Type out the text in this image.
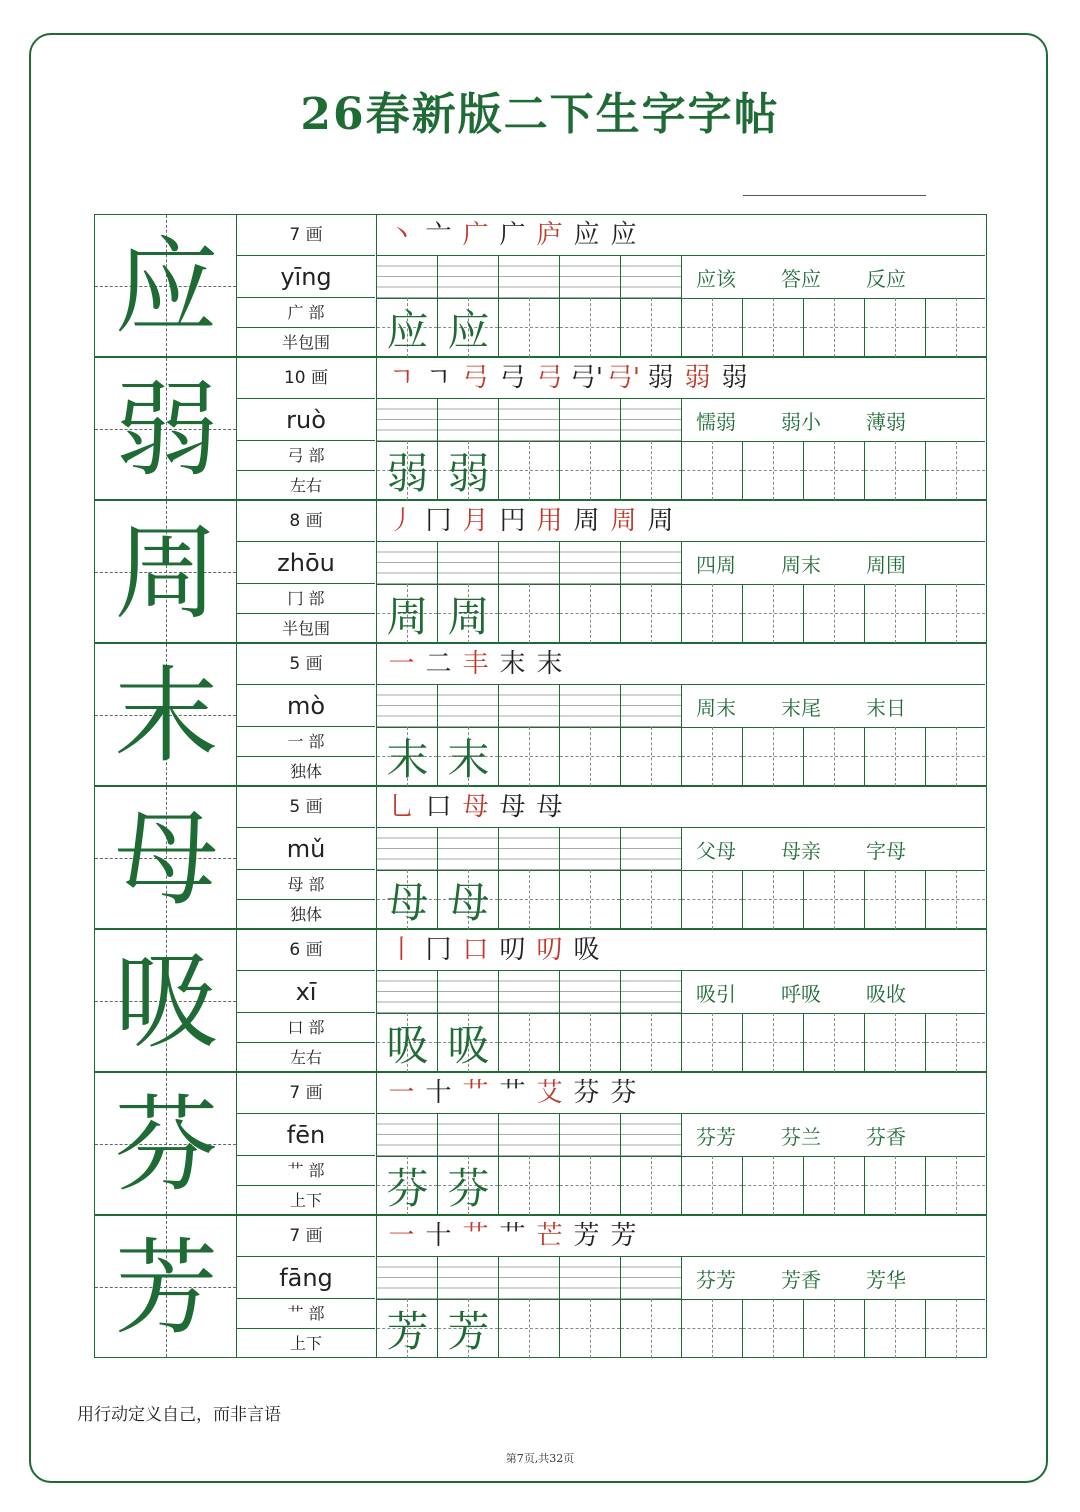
26春新版二下生字字帖
应	7 画
yīng
广 部
半包围
丶 亠 广 广 庐 应 应
应该	答应	反应
应 应
弱	10 画
ruò
弓 部
左右
ㄱ ㄱ 弓 弓 弓 弓' 弓' 弱 弱 弱
懦弱	弱小	薄弱
弱 弱
周	8 画
zhōu
冂 部
半包围
丿 冂 月 円 用 周 周 周
四周	周末	周围
周 周
末	5 画
mò
一 部
独体
一 二 丰 末 末
周末	末尾	末日
末 末
母	5 画
mǔ
母 部
独体
乚 口 母 母 母
父母	母亲	字母
母 母
吸	6 画
xī
口 部
左右
丨 冂 口 叨 叨 吸
吸引	呼吸	吸收
吸 吸
芬	7 画
fēn
艹 部
上下
一 十 艹 艹 艾 芬 芬
芬芳	芬兰	芬香
芬 芬
芳	7 画
fāng
艹 部
上下
一 十 艹 艹 芒 芳 芳
芬芳	芳香	芳华
芳 芳
用行动定义自己，而非言语
第7页,共32页
